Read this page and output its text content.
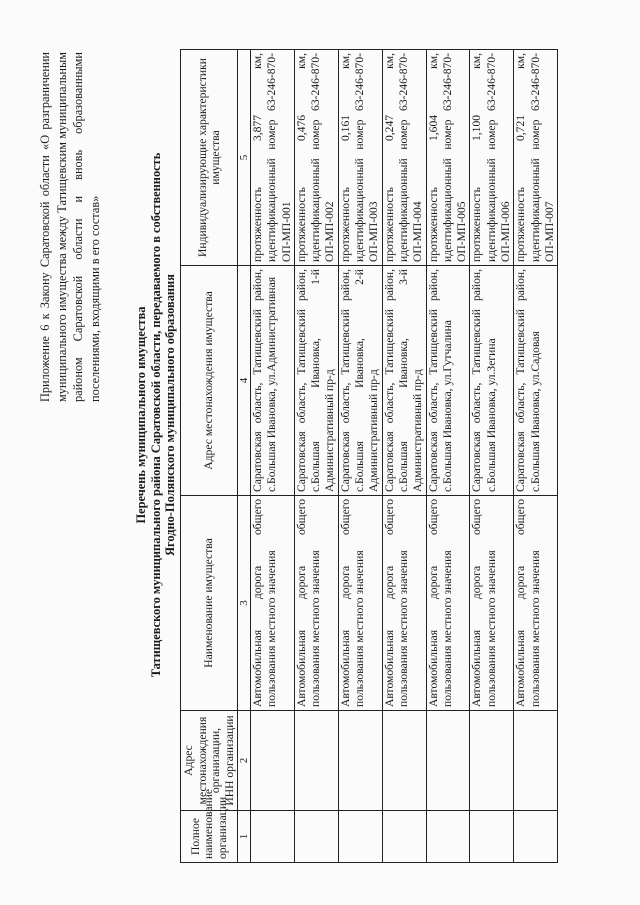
Приложение 6 к Закону Саратовской области «О разграничении муниципального имущества между Татищевским муниципальным районом Саратовской области и вновь образованными поселениями, входящими в его состав»
Перечень муниципального имущества Татищевского муниципального района Саратовской области, передаваемого в собственность Ягодно-Полянского муниципального образования
Полное наименование организации	Адрес местонахождения организации, ИНН организации	Наименование имущества	Адрес местонахождения имущества	Индивидуализирующие характеристики имущества
1	2	3	4	5
		Автомобильная дорога общего пользования местного значения	Саратовская область, Татищевский район, с.Большая Ивановка, ул.Административная	протяженность 3,877 км, идентификационный номер 63-246-870-ОП-МП-001
		Автомобильная дорога общего пользования местного значения	Саратовская область, Татищевский район, с.Большая Ивановка, 1-й Административный пр-д	протяженность 0,476 км, идентификационный номер 63-246-870-ОП-МП-002
		Автомобильная дорога общего пользования местного значения	Саратовская область, Татищевский район, с.Большая Ивановка, 2-й Административный пр-д	протяженность 0,161 км, идентификационный номер 63-246-870-ОП-МП-003
		Автомобильная дорога общего пользования местного значения	Саратовская область, Татищевский район, с.Большая Ивановка, 3-й Административный пр-д	протяженность 0,247 км, идентификационный номер 63-246-870-ОП-МП-004
		Автомобильная дорога общего пользования местного значения	Саратовская область, Татищевский район, с.Большая Ивановка, ул.Гутчалина	протяженность 1,604 км, идентификационный номер 63-246-870-ОП-МП-005
		Автомобильная дорога общего пользования местного значения	Саратовская область, Татищевский район, с.Большая Ивановка, ул.Зегина	протяженность 1,100 км, идентификационный номер 63-246-870-ОП-МП-006
		Автомобильная дорога общего пользования местного значения	Саратовская область, Татищевский район, с.Большая Ивановка, ул.Садовая	протяженность 0,721 км, идентификационный номер 63-246-870-ОП-МП-007
